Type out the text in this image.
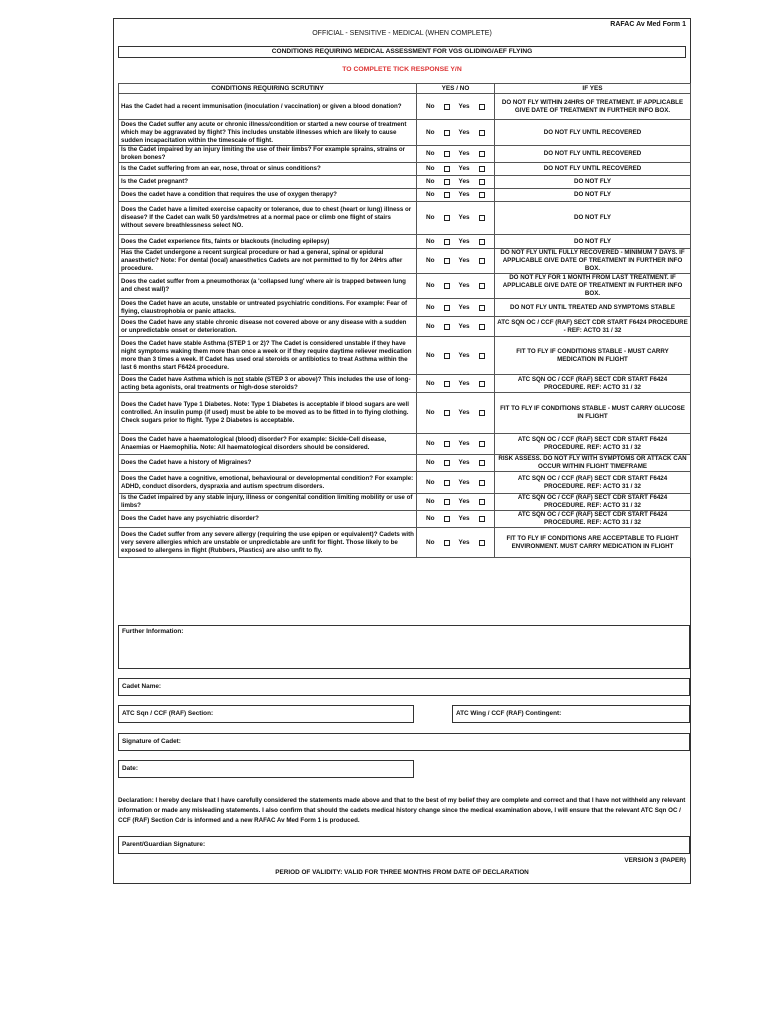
RAFAC Av Med Form 1
OFFICIAL - SENSITIVE - MEDICAL (WHEN COMPLETE)
CONDITIONS REQUIRING MEDICAL ASSESSMENT FOR VGS GLIDING/AEF FLYING
TO COMPLETE TICK RESPONSE Y/N
CONDITIONS REQUIRING SCRUTINY	YES / NO	IF YES
Has the Cadet had a recent immunisation (inoculation / vaccination) or given a blood donation?	No Yes	DO NOT FLY WITHIN 24HRS OF TREATMENT. IF APPLICABLE GIVE DATE OF TREATMENT IN FURTHER INFO BOX.
Does the Cadet suffer any acute or chronic illness/condition or started a new course of treatment which may be aggravated by flight? This includes unstable illnesses which are likely to cause sudden incapacitation within the timescale of flight.	No Yes	DO NOT FLY UNTIL RECOVERED
Is the Cadet impaired by an injury limiting the use of their limbs? For example sprains, strains or broken bones?	No Yes	DO NOT FLY UNTIL RECOVERED
Is the Cadet suffering from an ear, nose, throat or sinus conditions?	No Yes	DO NOT FLY UNTIL RECOVERED
Is the Cadet pregnant?	No Yes	DO NOT FLY
Does the cadet have a condition that requires the use of oxygen therapy?	No Yes	DO NOT FLY
Does the Cadet have a limited exercise capacity or tolerance, due to chest (heart or lung) illness or disease? If the Cadet can walk 50 yards/metres at a normal pace or climb one flight of stairs without severe breathlessness select NO.	No Yes	DO NOT FLY
Does the Cadet experience fits, faints or blackouts (including epilepsy)	No Yes	DO NOT FLY
Has the Cadet undergone a recent surgical procedure or had a general, spinal or epidural anaesthetic? Note: For dental (local) anaesthetics Cadets are not permitted to fly for 24Hrs after procedure.	No Yes	DO NOT FLY UNTIL FULLY RECOVERED - MINIMUM 7 DAYS. IF APPLICABLE GIVE DATE OF TREATMENT IN FURTHER INFO BOX.
Does the cadet suffer from a pneumothorax (a 'collapsed lung' where air is trapped between lung and chest wall)?	No Yes	DO NOT FLY FOR 1 MONTH FROM LAST TREATMENT. IF APPLICABLE GIVE DATE OF TREATMENT IN FURTHER INFO BOX.
Does the Cadet have an acute, unstable or untreated psychiatric conditions. For example: Fear of flying, claustrophobia or panic attacks.	No Yes	DO NOT FLY UNTIL TREATED AND SYMPTOMS STABLE
Does the Cadet have any stable chronic disease not covered above or any disease with a sudden or unpredictable onset or deterioration.	No Yes	ATC SQN OC / CCF (RAF) SECT CDR START F6424 PROCEDURE - REF: ACTO 31 / 32
Does the Cadet have stable Asthma (STEP 1 or 2)? The Cadet is considered unstable if they have night symptoms waking them more than once a week or if they require daytime reliever medication more than 3 times a week. If Cadet has used oral steroids or antibiotics to treat Asthma within the last 6 months start F6424 procedure.	No Yes	FIT TO FLY IF CONDITIONS STABLE - MUST CARRY MEDICATION IN FLIGHT
Does the Cadet have Asthma which is not stable (STEP 3 or above)? This includes the use of long-acting beta agonists, oral treatments or high-dose steroids?	No Yes	ATC SQN OC / CCF (RAF) SECT CDR START F6424 PROCEDURE. REF: ACTO 31 / 32
Does the Cadet have Type 1 Diabetes. Note: Type 1 Diabetes is acceptable if blood sugars are well controlled. An insulin pump (if used) must be able to be moved as to be fitted in to flying clothing. Check sugars prior to flight. Type 2 Diabetes is acceptable.	No Yes	FIT TO FLY IF CONDITIONS STABLE - MUST CARRY GLUCOSE IN FLIGHT
Does the Cadet have a haematological (blood) disorder? For example: Sickle-Cell disease, Anaemias or Haemophilia. Note: All haematological disorders should be considered.	No Yes	ATC SQN OC / CCF (RAF) SECT CDR START F6424 PROCEDURE. REF: ACTO 31 / 32
Does the Cadet have a history of Migraines?	No Yes	RISK ASSESS. DO NOT FLY WITH SYMPTOMS OR ATTACK CAN OCCUR WITHIN FLIGHT TIMEFRAME
Does the Cadet have a cognitive, emotional, behavioural or developmental condition? For example: ADHD, conduct disorders, dyspraxia and autism spectrum disorders.	No Yes	ATC SQN OC / CCF (RAF) SECT CDR START F6424 PROCEDURE. REF: ACTO 31 / 32
Is the Cadet impaired by any stable injury, illness or congenital condition limiting mobility or use of limbs?	No Yes	ATC SQN OC / CCF (RAF) SECT CDR START F6424 PROCEDURE. REF: ACTO 31 / 32
Does the Cadet have any psychiatric disorder?	No Yes	ATC SQN OC / CCF (RAF) SECT CDR START F6424 PROCEDURE. REF: ACTO 31 / 32
Does the Cadet suffer from any severe allergy (requiring the use epipen or equivalent)? Cadets with very severe allergies which are unstable or unpredictable are unfit for flight. Those likely to be exposed to allergens in flight (Rubbers, Plastics) are also unfit to fly.	No Yes	FIT TO FLY IF CONDITIONS ARE ACCEPTABLE TO FLIGHT ENVIRONMENT. MUST CARRY MEDICATION IN FLIGHT
Further Information:
Cadet Name:
ATC Sqn / CCF (RAF) Section:	ATC Wing / CCF (RAF) Contingent:
Signature of Cadet:
Date:
Declaration: I hereby declare that I have carefully considered the statements made above and that to the best of my belief they are complete and correct and that I have not withheld any relevant information or made any misleading statements. I also confirm that should the cadets medical history change since the medical examination above, I will ensure that the relevant ATC Sqn OC / CCF (RAF) Section Cdr is informed and a new RAFAC Av Med Form 1 is produced.
Parent/Guardian Signature:
VERSION 3 (PAPER)
PERIOD OF VALIDITY: VALID FOR THREE MONTHS FROM DATE OF DECLARATION
